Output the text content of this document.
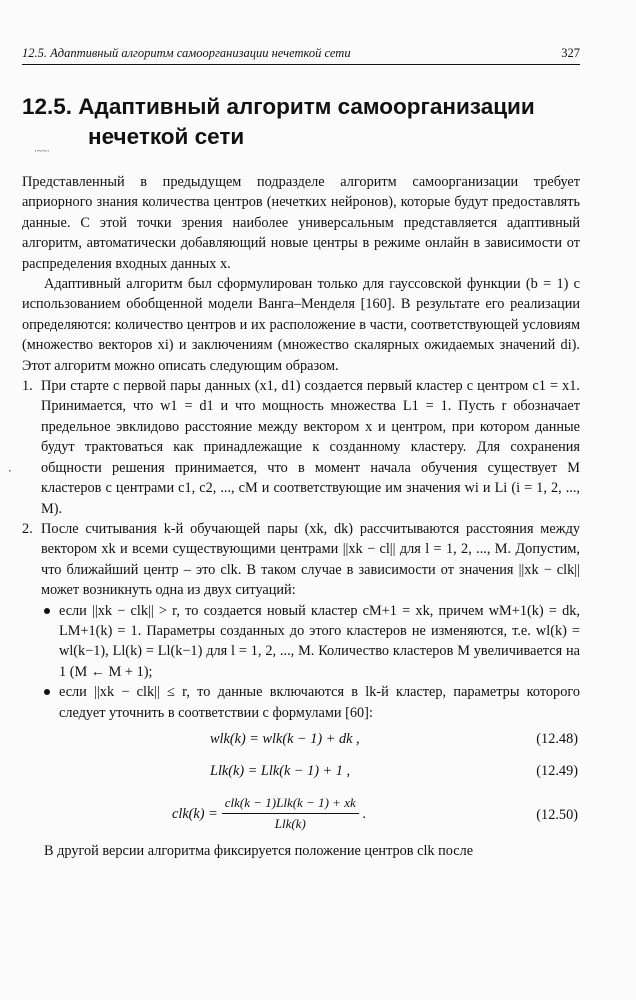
12.5. Адаптивный алгоритм самоорганизации нечеткой сети	327
12.5. Адаптивный алгоритм самоорганизации
нечеткой сети
·~~·
ᐝ

Представленный в предыдущем подразделе алгоритм самоорганизации требует априорного знания количества центров (нечетких нейронов), которые будут предоставлять данные. С этой точки зрения наиболее универсальным представляется адаптивный алгоритм, автоматически добавляющий новые центры в режиме онлайн в зависимости от распределения входных данных x.

Адаптивный алгоритм был сформулирован только для гауссовской функции (b = 1) с использованием обобщенной модели Ванга–Менделя [160]. В результате его реализации определяются: количество центров и их расположение в части, соответствующей условиям (множество векторов xi) и заключениям (множество скалярных ожидаемых значений di). Этот алгоритм можно описать следующим образом.

1. При старте с первой пары данных (x1, d1) создается первый кластер с центром c1 = x1. Принимается, что w1 = d1 и что мощность множества L1 = 1. Пусть r обозначает предельное эвклидово расстояние между вектором x и центром, при котором данные будут трактоваться как принадлежащие к созданному кластеру. Для сохранения общности решения принимается, что в момент начала обучения существует M кластеров с центрами c1, c2, ..., cM и соответствующие им значения wi и Li (i = 1, 2, ..., M).
2. После считывания k-й обучающей пары (xk, dk) рассчитываются расстояния между вектором xk и всеми существующими центрами ||xk − cl|| для l = 1, 2, ..., M. Допустим, что ближайший центр – это clk. В таком случае в зависимости от значения ||xk − clk|| может возникнуть одна из двух ситуаций:
если ||xk − clk|| > r, то создается новый кластер cM+1 = xk, причем wM+1(k) = dk, LM+1(k) = 1. Параметры созданных до этого кластеров не изменяются, т.е. wl(k) = wl(k−1), Ll(k) = Ll(k−1) для l = 1, 2, ..., M. Количество кластеров M увеличивается на 1 (M ← M + 1);
если ||xk − clk|| ≤ r, то данные включаются в lk-й кластер, параметры которого следует уточнить в соответствии с формулами [60]:
wlk(k) = wlk(k − 1) + dk ,	(12.48)
Llk(k) = Llk(k − 1) + 1 ,	(12.49)
$clk(k) = \frac{\text{clk(k − 1)Llk(k − 1) + xk}}{\text{Llk(k)}}$ .	(12.50)

В другой версии алгоритма фиксируется положение центров clk после
